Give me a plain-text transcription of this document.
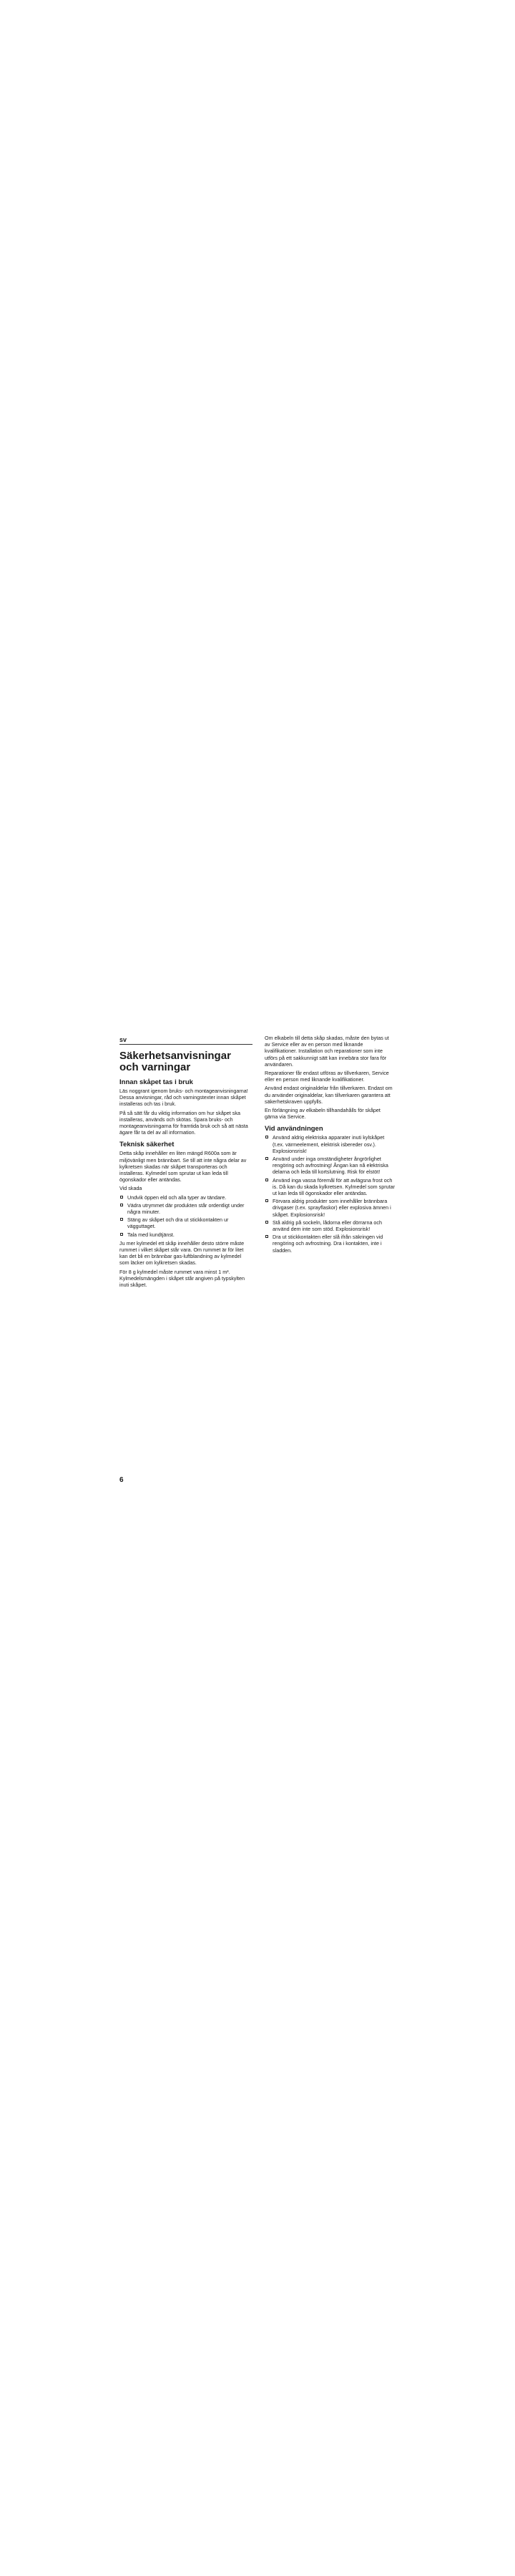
sv
Säkerhetsanvisningar och varningar
Innan skåpet tas i bruk

Läs noggrant igenom bruks- och montageanvisningarna! Dessa anvisningar, råd och varningstexter innan skåpet installeras och tas i bruk.

På så sätt får du viktig information om hur skåpet ska installeras, används och skötas. Spara bruks- och montageanvisningarna för framtida bruk och så att nästa ägare får ta del av all information.

Teknisk säkerhet

Detta skåp innehåller en liten mängd R600a som är miljövänligt men brännbart. Se till att inte några delar av kylkretsen skadas när skåpet transporteras och installeras. Kylmedel som sprutar ut kan leda till ögonskador eller antändas.

Vid skada

Undvik öppen eld och alla typer av tändare.
Vädra utrymmet där produkten står ordentligt under några minuter.
Stäng av skåpet och dra ut stickkontakten ur vägguttaget.
Tala med kundtjänst.

Ju mer kylmedel ett skåp innehåller desto större måste rummet i vilket skåpet står vara. Om rummet är för litet kan det bli en brännbar gas-luftblandning av kylmedel som läcker om kylkretsen skadas.

För 8 g kylmedel måste rummet vara minst 1 m³. Kylmedelsmängden i skåpet står angiven på typskylten inuti skåpet.

Om elkabeln till detta skåp skadas, måste den bytas ut av Service eller av en person med liknande kvalifikationer. Installation och reparationer som inte utförs på ett sakkunnigt sätt kan innebära stor fara för användaren.

Reparationer får endast utföras av tillverkaren, Service eller en person med liknande kvalifikationer.

Använd endast originaldelar från tillverkaren. Endast om du använder originaldelar, kan tillverkaren garantera att säkerhetskraven uppfylls.

En förlängning av elkabeln tillhandahålls för skåpet gärna via Service.

Vid användningen
Använd aldrig elektriska apparater inuti kylskåpet (t.ex. värmeelement, elektrisk isbereder osv.). Explosionsrisk!
Använd under inga omständigheter ångrörlighet rengöring och avfrostning! Ångan kan nå elektriska delarna och leda till kortslutning. Risk för elstöt!
Använd inga vassa föremål för att avlägsna frost och is. Då kan du skada kylkretsen. Kylmedel som sprutar ut kan leda till ögonskador eller antändas.
Förvara aldrig produkter som innehåller brännbara drivgaser (t.ex. sprayflaskor) eller explosiva ämnen i skåpet. Explosionsrisk!
Stå aldrig på sockeln, lådorna eller dörrarna och använd dem inte som stöd. Explosionsrisk!
Dra ut stickkontakten eller slå ifrån säkringen vid rengöring och avfrostning. Dra i kontakten, inte i sladden.
6
